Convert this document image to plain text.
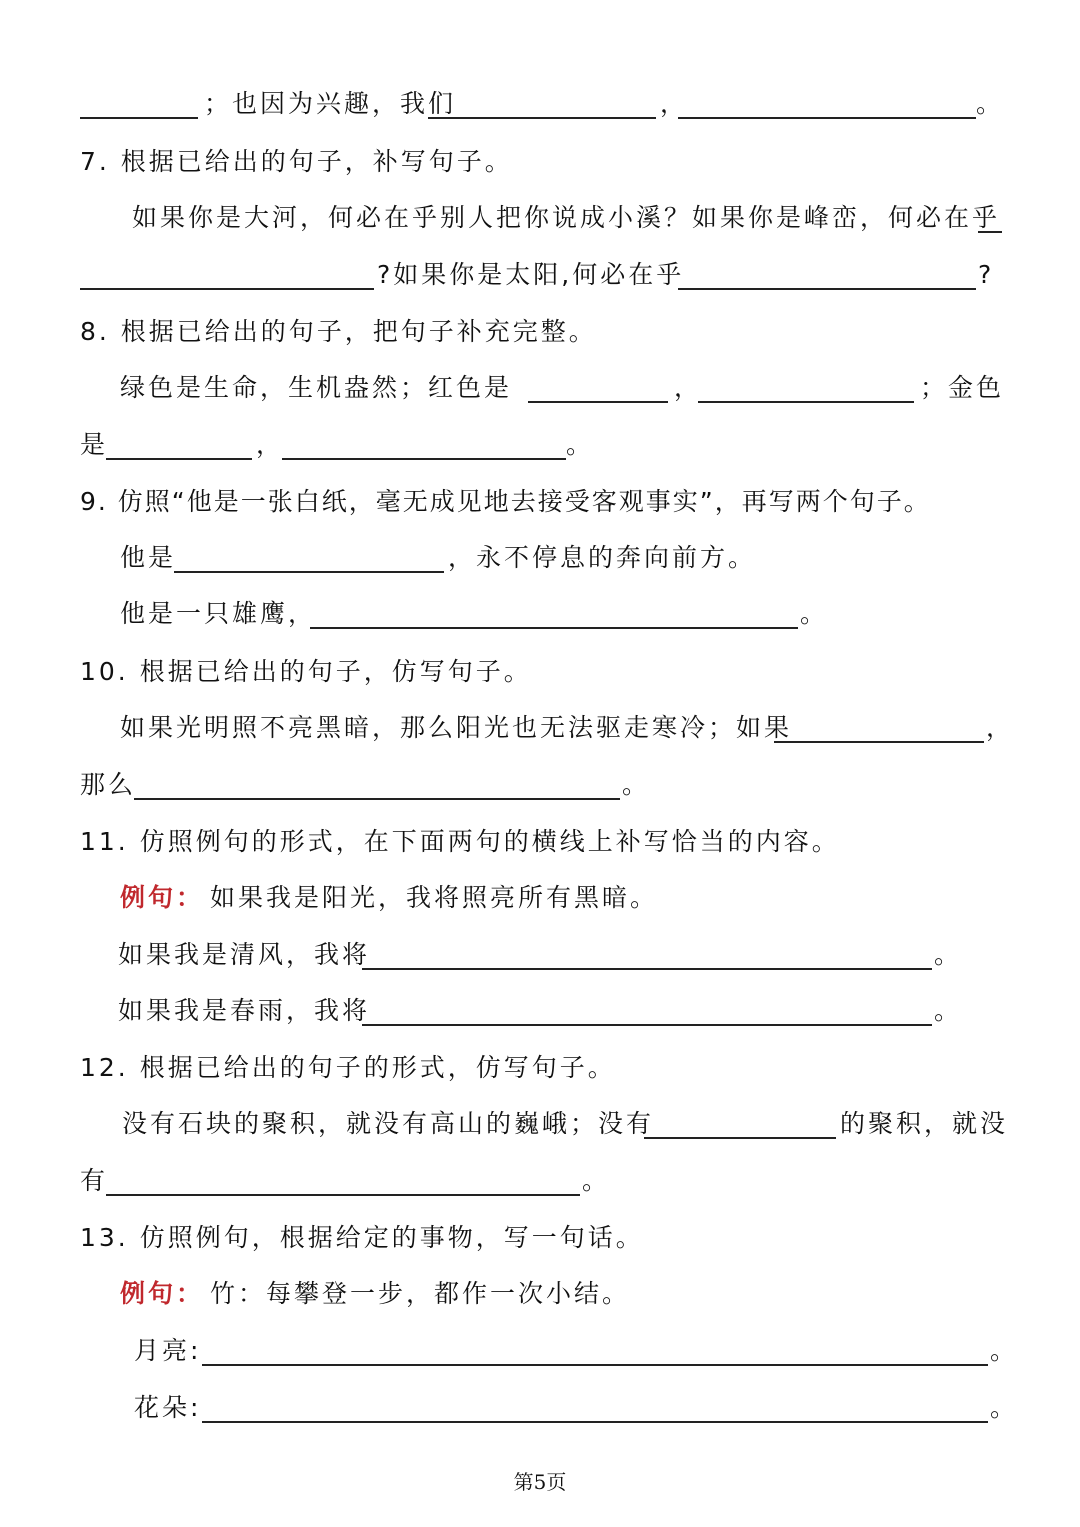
；也因为兴趣，我们	，	。
7. 根据已给出的句子，补写句子。
如果你是大河，何必在乎别人把你说成小溪？如果你是峰峦，何必在乎
?如果你是太阳,何必在乎	?
8. 根据已给出的句子，把句子补充完整。
绿色是生命，生机盎然；红色是	，	；金色
是	，	。
9. 仿照“他是一张白纸，毫无成见地去接受客观事实”，再写两个句子。
他是	，永不停息的奔向前方。
他是一只雄鹰，	。
10. 根据已给出的句子，仿写句子。
如果光明照不亮黑暗，那么阳光也无法驱走寒冷；如果	，
那么	。
11. 仿照例句的形式，在下面两句的横线上补写恰当的内容。
例句： 如果我是阳光，我将照亮所有黑暗。
如果我是清风，我将	。
如果我是春雨，我将	。
12. 根据已给出的句子的形式，仿写句子。
没有石块的聚积，就没有高山的巍峨；没有	的聚积，就没
有	。
13. 仿照例句，根据给定的事物，写一句话。
例句： 竹：每攀登一步，都作一次小结。
月亮:	。
花朵:	。
第5页
